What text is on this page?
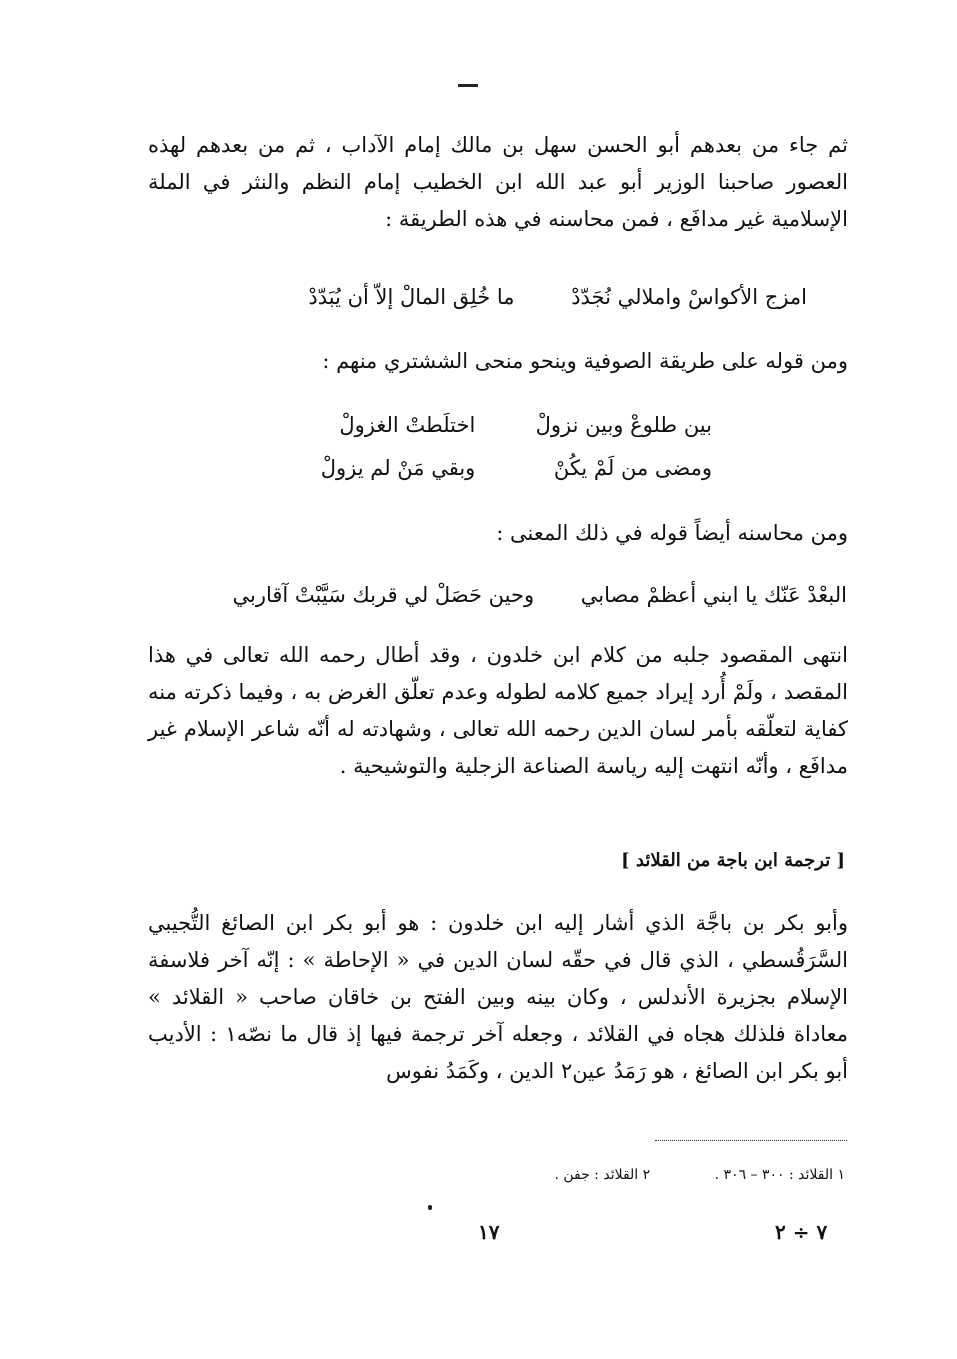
ثم جاء من بعدهم أبو الحسن سهل بن مالك إمام الآداب ، ثم من بعدهم لهذه العصور صاحبنا الوزير أبو عبد الله ابن الخطيب إمام النظم والنثر في الملة الإسلامية غير مدافَع ، فمن محاسنه في هذه الطريقة :

امزج الأكواسْ واملالي نُجَدّدْ ما خُلِق المالْ إلاّ أن يُبَدّدْ

ومن قوله على طريقة الصوفية وينحو منحى الششتري منهم :

بين طلوعْ وبين نزولْ اختلَطتْ الغزولْ
ومضى من لَمْ يكُنْ وبقي مَنْ لم يزولْ

ومن محاسنه أيضاً قوله في ذلك المعنى :

البعْدْ عَنّك يا ابني أعظمْ مصابي وحين حَصَلْ لي قربك سَيَّبْتْ آقاربي

انتهى المقصود جلبه من كلام ابن خلدون ، وقد أطال رحمه الله تعالى في هذا المقصد ، ولَمْ أُرد إيراد جميع كلامه لطوله وعدم تعلّق الغرض به ، وفيما ذكرته منه كفاية لتعلّقه بأمر لسان الدين رحمه الله تعالى ، وشهادته له أنّه شاعر الإسلام غير مدافَع ، وأنّه انتهت إليه رياسة الصناعة الزجلية والتوشيحية .

[ ترجمة ابن باجة من القلائد ]

وأبو بكر بن باجَّة الذي أشار إليه ابن خلدون : هو أبو بكر ابن الصائغ التُّجيبي السَّرَقُسطي ، الذي قال في حقّه لسان الدين في « الإحاطة » : إنّه آخر فلاسفة الإسلام بجزيرة الأندلس ، وكان بينه وبين الفتح بن خاقان صاحب « القلائد » معاداة فلذلك هجاه في القلائد ، وجعله آخر ترجمة فيها إذ قال ما نصّه١ : الأديب أبو بكر ابن الصائغ ، هو رَمَدُ عين٢ الدين ، وكَمَدُ نفوس

١ القلائد : ٣٠٠ – ٣٠٦ . ٢ القلائد : جفن .
١٧	٧ ÷ ٢
